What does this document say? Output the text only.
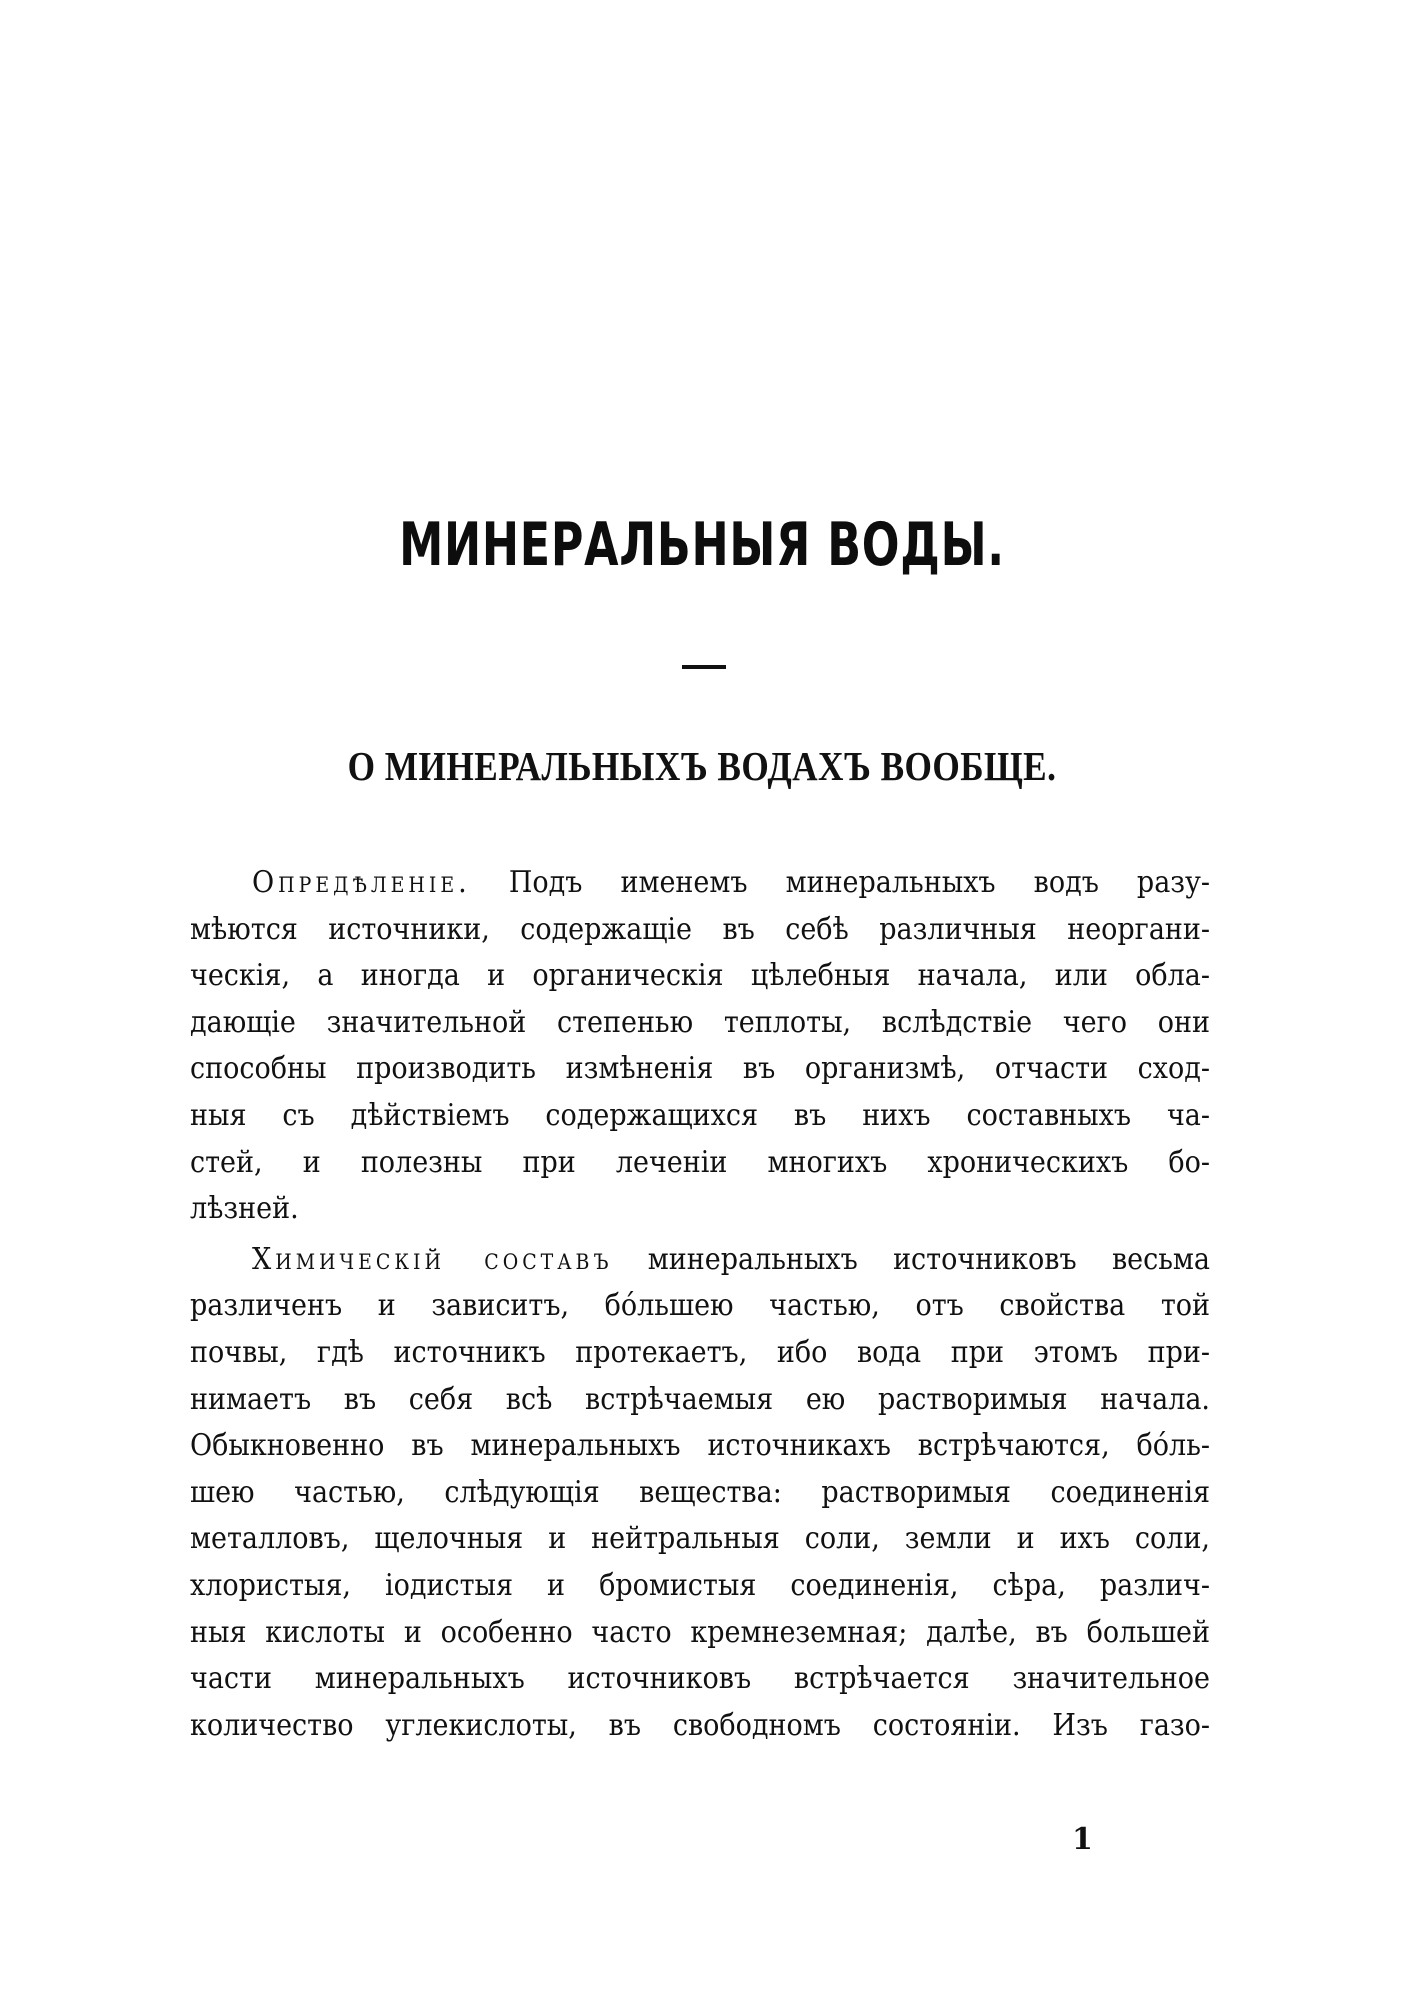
МИНЕРАЛЬНЫЯ ВОДЫ.
О МИНЕРАЛЬНЫХЪ ВОДАХЪ ВООБЩЕ.

Опредѣленiе. Подъ именемъ минеральныхъ водъ разу-
мѣются источники, содержащiе въ себѣ различныя неоргани-
ческiя, а иногда и органическiя цѣлебныя начала, или обла-
дающiе значительной степенью теплоты, вслѣдствiе чего они
способны производить измѣненiя въ организмѣ, отчасти сход-
ныя съ дѣйствiемъ содержащихся въ нихъ составныхъ ча-
стей, и полезны при леченiи многихъ хроническихъ бо-
лѣзней.

Химическiй составъ минеральныхъ источниковъ весьма
различенъ и зависитъ, бóльшею частью, отъ свойства той
почвы, гдѣ источникъ протекаетъ, ибо вода при этомъ при-
нимаетъ въ себя всѣ встрѣчаемыя ею растворимыя начала.
Обыкновенно въ минеральныхъ источникахъ встрѣчаются, бóль-
шею частью, слѣдующiя вещества: растворимыя соединенiя
металловъ, щелочныя и нейтральныя соли, земли и ихъ соли,
хлористыя, iодистыя и бромистыя соединенiя, сѣра, различ-
ныя кислоты и особенно часто кремнеземная; далѣе, въ большей
части минеральныхъ источниковъ встрѣчается значительное
количество углекислоты, въ свободномъ состоянiи. Изъ газо-

1
